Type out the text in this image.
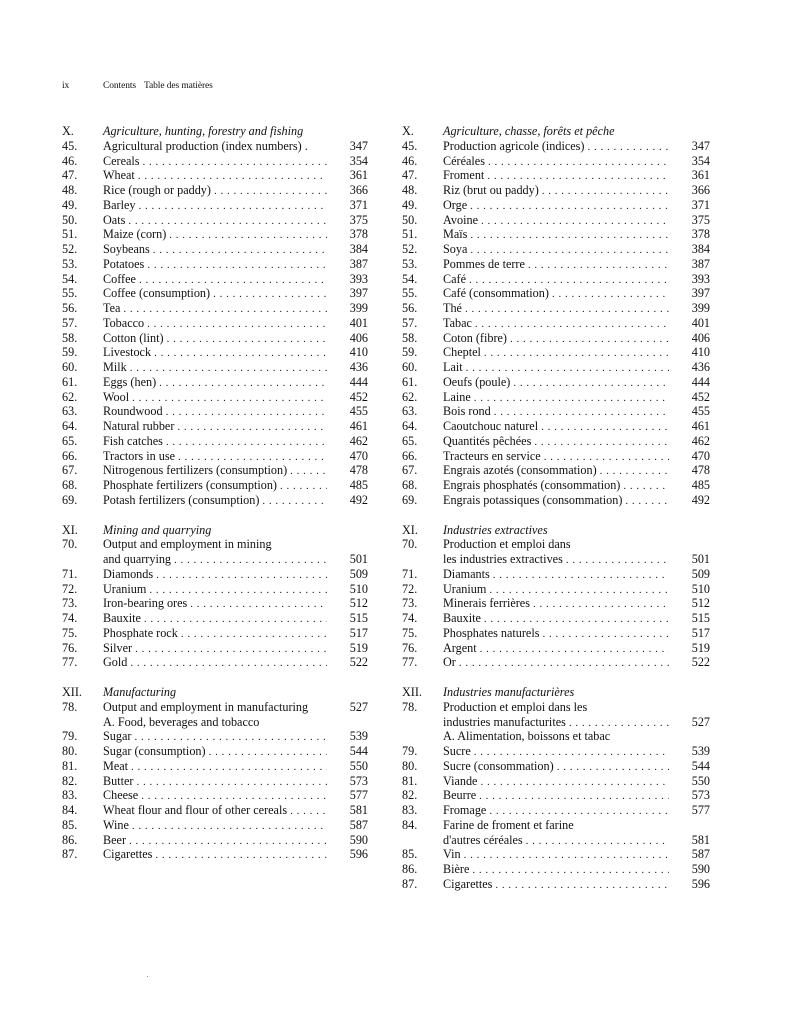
ix	Contents Table des matières
X.	Agriculture, hunting, forestry and fishing
45.	Agricultural production (index numbers) .	347
46.	Cereals . . .	354
47.	Wheat . . .	361
48.	Rice (rough or paddy) . . .	366
49.	Barley . . .	371
50.	Oats . . .	375
51.	Maize (corn) . . .	378
52.	Soybeans . . .	384
53.	Potatoes . . .	387
54.	Coffee . . .	393
55.	Coffee (consumption) . . .	397
56.	Tea . . .	399
57.	Tobacco . . .	401
58.	Cotton (lint) . . .	406
59.	Livestock . . .	410
60.	Milk . . .	436
61.	Eggs (hen) . . .	444
62.	Wool . . .	452
63.	Roundwood . . .	455
64.	Natural rubber . . .	461
65.	Fish catches . . .	462
66.	Tractors in use . . .	470
67.	Nitrogenous fertilizers (consumption) . . .	478
68.	Phosphate fertilizers (consumption) . . .	485
69.	Potash fertilizers (consumption) . . .	492
XI.	Mining and quarrying
70.	Output and employment in mining
and quarrying . . .	501
71.	Diamonds . . .	509
72.	Uranium . . .	510
73.	Iron-bearing ores . . .	512
74.	Bauxite . . .	515
75.	Phosphate rock . . .	517
76.	Silver . . .	519
77.	Gold . . .	522
XII.	Manufacturing
78.	Output and employment in manufacturing	527
A. Food, beverages and tobacco
79.	Sugar . . .	539
80.	Sugar (consumption) . . .	544
81.	Meat . . .	550
82.	Butter . . .	573
83.	Cheese . . .	577
84.	Wheat flour and flour of other cereals . . .	581
85.	Wine . . .	587
86.	Beer . . .	590
87.	Cigarettes . . .	596
X.	Agriculture, chasse, forêts et pêche
45.	Production agricole (indices) . . .	347
46.	Céréales . . .	354
47.	Froment . . .	361
48.	Riz (brut ou paddy) . . .	366
49.	Orge . . .	371
50.	Avoine . . .	375
51.	Maïs . . .	378
52.	Soya . . .	384
53.	Pommes de terre . . .	387
54.	Café . . .	393
55.	Café (consommation) . . .	397
56.	Thé . . .	399
57.	Tabac . . .	401
58.	Coton (fibre) . . .	406
59.	Cheptel . . .	410
60.	Lait . . .	436
61.	Oeufs (poule) . . .	444
62.	Laine . . .	452
63.	Bois rond . . .	455
64.	Caoutchouc naturel . . .	461
65.	Quantités pêchées . . .	462
66.	Tracteurs en service . . .	470
67.	Engrais azotés (consommation) . . .	478
68.	Engrais phosphatés (consommation) . . .	485
69.	Engrais potassiques (consommation) . . .	492
XI.	Industries extractives
70.	Production et emploi dans
les industries extractives . . .	501
71.	Diamants . . .	509
72.	Uranium . . .	510
73.	Minerais ferrières . . .	512
74.	Bauxite . . .	515
75.	Phosphates naturels . . .	517
76.	Argent . . .	519
77.	Or . . .	522
XII.	Industries manufacturières
78.	Production et emploi dans les
industries manufacturites . . .	527
A. Alimentation, boissons et tabac
79.	Sucre . . .	539
80.	Sucre (consommation) . . .	544
81.	Viande . . .	550
82.	Beurre . . .	573
83.	Fromage . . .	577
84.	Farine de froment et farine
d'autres céréales . . .	581
85.	Vin . . .	587
86.	Bière . . .	590
87.	Cigarettes . . .	596
